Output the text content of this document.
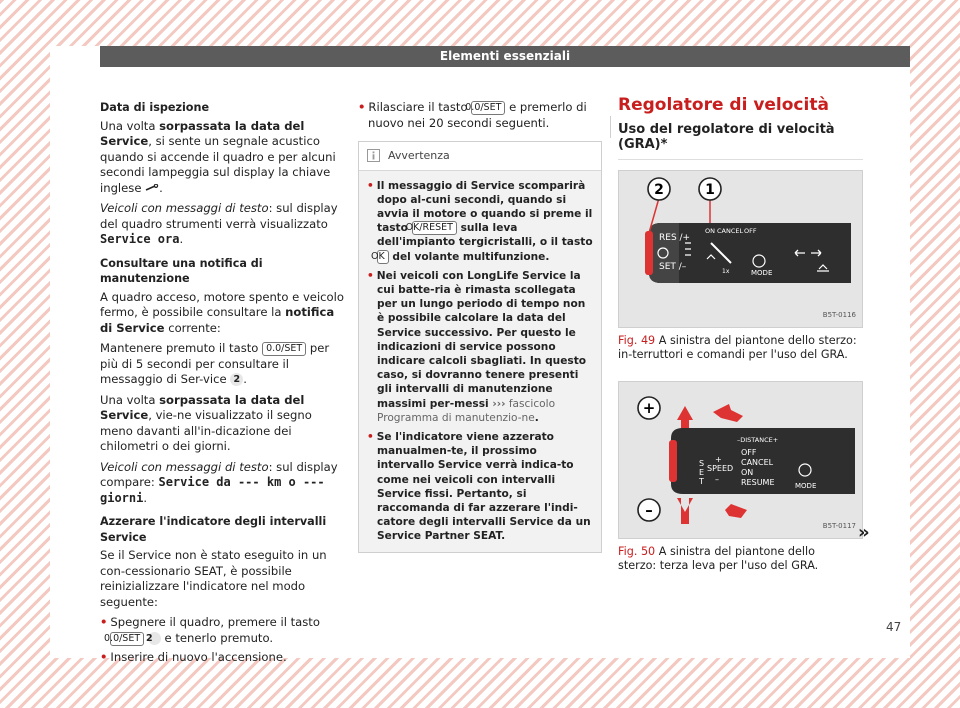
Elementi essenziali

Data di ispezione

Una volta sorpassata la data del Service, si sente un segnale acustico quando si accende il quadro e per alcuni secondi lampeggia sul display la chiave inglese .

Veicoli con messaggi di testo: sul display del quadro strumenti verrà visualizzato Service ora.

Consultare una notifica di manutenzione

A quadro acceso, motore spento e veicolo fermo, è possibile consultare la notifica di Service corrente:

Mantenere premuto il tasto 0.0/SET per più di 5 secondi per consultare il messaggio di Ser-vice 2 .

Una volta sorpassata la data del Service, vie-ne visualizzato il segno meno davanti all'in-dicazione dei chilometri o dei giorni.

Veicoli con messaggi di testo: sul display compare: Service da --- km o --- giorni.

Azzerare l'indicatore degli intervalli Service

Se il Service non è stato eseguito in un con-cessionario SEAT, è possibile reinizializzare l'indicatore nel modo seguente:

• Spegnere il quadro, premere il tasto 0.0/SET 2 e tenerlo premuto.

• Inserire di nuovo l'accensione.

• Rilasciare il tasto 0.0/SET e premerlo di nuovo nei 20 secondi seguenti.

Avvertenza

• Il messaggio di Service scomparirà dopo al-cuni secondi, quando si avvia il motore o quando si preme il tasto OK/RESET sulla leva dell'impianto tergicristalli, o il tasto OK del volante multifunzione.

• Nei veicoli con LongLife Service la cui batte-ria è rimasta scollegata per un lungo periodo di tempo non è possibile calcolare la data del Service successivo. Per questo le indicazioni di service possono indicare calcoli sbagliati. In questo caso, si dovranno tenere presenti gli intervalli di manutenzione massimi per-messi ››› fascicolo Programma di manutenzio-ne.

• Se l'indicatore viene azzerato manualmen-te, il prossimo intervallo Service verrà indica-to come nei veicoli con intervalli Service fissi. Pertanto, si raccomanda di far azzerare l'indi-catore degli intervalli Service da un Service Partner SEAT.

Regolatore di velocità
Uso del regolatore di velocità (GRA)*
2	1
RES /+
SET /–
ON CANCEL OFF
MODE
1x
B5T-0116

Fig. 49 A sinistra del piantone dello sterzo: in-terruttori e comandi per l'uso del GRA.

+
–
S
E
T
SPEED
+
–
–DISTANCE+
OFF
CANCEL
ON
RESUME	MODE
B5T-0117

Fig. 50 A sinistra del piantone dello sterzo: terza leva per l'uso del GRA.

»
47
